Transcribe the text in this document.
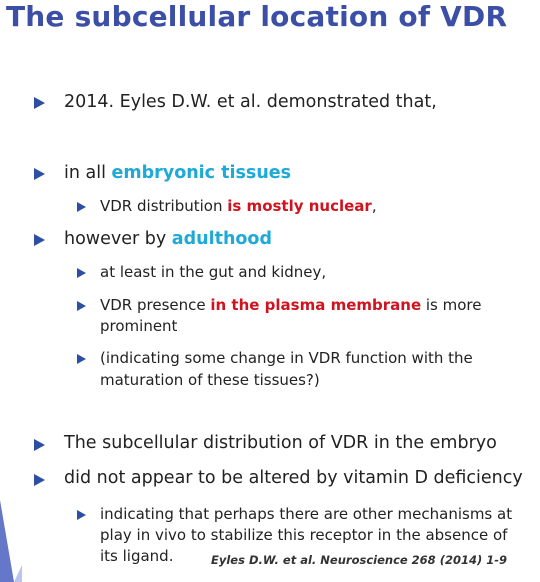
The subcellular location of VDR
2014. Eyles D.W. et al. demonstrated that,
in all embryonic tissues
VDR distribution is mostly nuclear,
however by adulthood
at least in the gut and kidney,
VDR presence in the plasma membrane is more
prominent
(indicating some change in VDR function with the
maturation of these tissues?)
The subcellular distribution of VDR in the embryo
did not appear to be altered by vitamin D deficiency
indicating that perhaps there are other mechanisms at
play in vivo to stabilize this receptor in the absence of
its ligand.	Eyles D.W. et al. Neuroscience 268 (2014) 1-9
